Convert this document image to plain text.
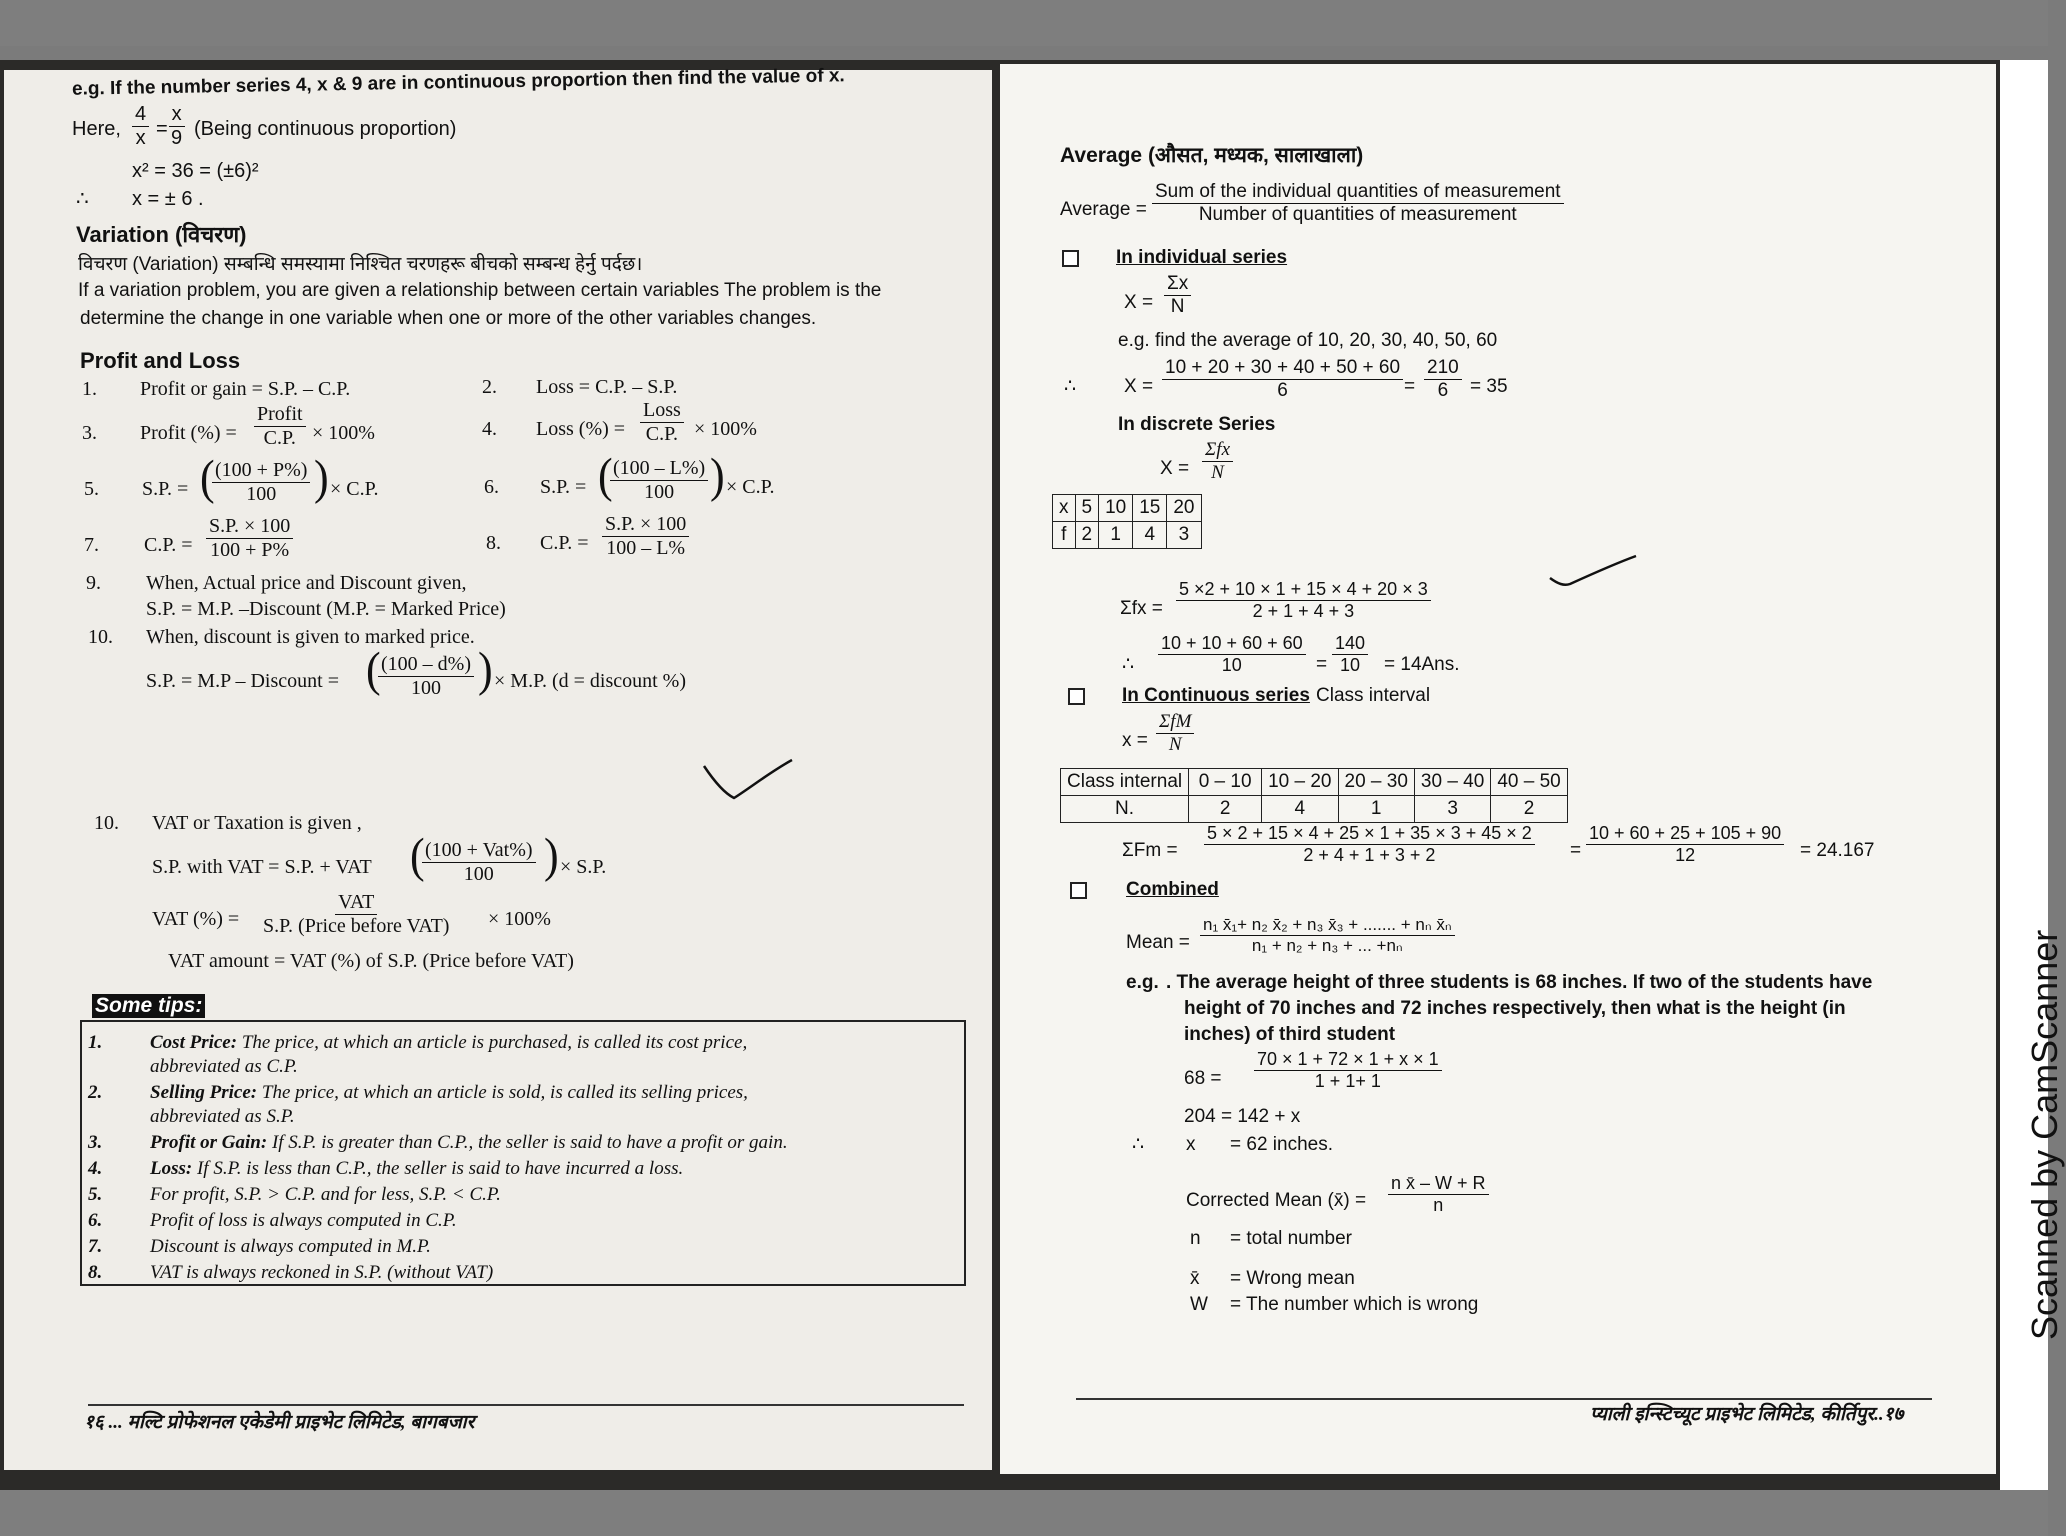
e.g. If the number series 4, x & 9 are in continuous proportion then find the value of x.
Here,
4
x =
x
9 (Being continuous proportion)
x² = 36 = (±6)²
∴ x = ± 6 .
Variation (विचरण)
विचरण (Variation) सम्बन्धि समस्यामा निश्चित चरणहरू बीचको सम्बन्ध हेर्नु पर्दछ।
If a variation problem, you are given a relationship between certain variables The problem is the
determine the change in one variable when one or more of the other variables changes.
Profit and Loss
1. Profit or gain = S.P. – C.P.	2. Loss = C.P. – S.P.
3. Profit (%) =
Profit
C.P. × 100%	4. Loss (%) =
Loss
C.P. × 100%
5. S.P. = ( (100 + P%)
100 ) × C.P.	6. S.P. = ( (100 – L%)
100 ) × C.P.
7. C.P. =
S.P. × 100
100 + P%	8. C.P. =
S.P. × 100
100 – L%
9. When, Actual price and Discount given,
S.P. = M.P. –Discount (M.P. = Marked Price)
10. When, discount is given to marked price.
S.P. = M.P – Discount = ( (100 – d%)
100 ) × M.P. (d = discount %)
10. VAT or Taxation is given ,
S.P. with VAT = S.P. + VAT ( (100 + Vat%)
100 ) × S.P.
VAT (%) =
VAT
S.P. (Price before VAT) × 100%
VAT amount = VAT (%) of S.P. (Price before VAT)
Some tips:
1.	Cost Price: The price, at which an article is purchased, is called its cost price,
abbreviated as C.P.
2.	Selling Price: The price, at which an article is sold, is called its selling prices,
abbreviated as S.P.
3.	Profit or Gain: If S.P. is greater than C.P., the seller is said to have a profit or gain.
4.	Loss: If S.P. is less than C.P., the seller is said to have incurred a loss.
5.	For profit, S.P. > C.P. and for less, S.P. < C.P.
6.	Profit of loss is always computed in C.P.
7.	Discount is always computed in M.P.
8.	VAT is always reckoned in S.P. (without VAT)
१६ ... मल्टि प्रोफेशनल एकेडेमी प्राइभेट लिमिटेड, बागबजार
Average (औसत, मध्यक, सालाखाला)
Average =
Sum of the individual quantities of measurement
Number of quantities of measurement
In individual series
X =
Σx
N
e.g. find the average of 10, 20, 30, 40, 50, 60
∴	X =
10 + 20 + 30 + 40 + 50 + 60
6	=
210
6 = 35
In discrete Series
X =
Σfx
N
x	5	10	15	20
f	2	1	4	3
Σfx =
5 ×2 + 10 × 1 + 15 × 4 + 20 × 3
2 + 1 + 4 + 3
∴
10 + 10 + 60 + 60
10	=
140
10 = 14Ans.
In Continuous series Class interval
x =
ΣfM
N
Class internal	0 – 10	10 – 20	20 – 30	30 – 40	40 – 50
N.	2	4	1	3	2
ΣFm =
5 × 2 + 15 × 4 + 25 × 1 + 35 × 3 + 45 × 2
2 + 4 + 1 + 3 + 2	=
10 + 60 + 25 + 105 + 90
12	= 24.167
Combined
Mean =
n₁ x̄₁+ n₂ x̄₂ + n₃ x̄₃ + ....... + nₙ x̄ₙ
n₁ + n₂ + n₃ + ... +nₙ
e.g. . The average height of three students is 68 inches. If two of the students have
height of 70 inches and 72 inches respectively, then what is the height (in
inches) of third student
68 =
70 × 1 + 72 × 1 + x × 1
1 + 1+ 1
204 = 142 + x
∴ x = 62 inches.
Corrected Mean (x̄) =
n x̄ – W + R
n
n = total number
x̄ = Wrong mean
W = The number which is wrong
प्याली इन्स्टिच्यूट प्राइभेट लिमिटेड, कीर्तिपुर..१७
Scanned by CamScanner
